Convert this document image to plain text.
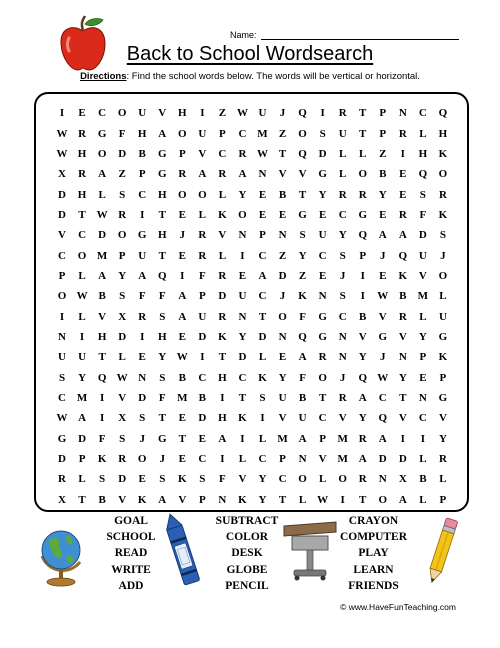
Name:
Back to School Wordsearch
Directions: Find the school words below. The words will be vertical or horizontal.
I	E	C	O	U	V	H	I	Z W U	J	Q	I	R	T	P	N	C	Q
W R	G	F	H	A	O	U	P	C M	Z	O	S	U	T	P	R	L	H
W H	O	D	B	G	P	V	C	R W T	Q	D	L	L	Z	I	H	K
X	R	A	Z	P	G	R	A	R	A	N	V	V	G	L	O	B	E	Q	O
D	H	L	S	C	H	O	O	L	Y	E	B	T	Y	R	R	Y	E	S	R
D	T W R	I	T	E	L	K	O	E	E	G	E	C	G	E	R	F	K
V	C	D	O	G	H	J	R	V	N	P	N	S	U	Y	Q	A	A	D	S
C	O M	P	U	T	E	R	L	I	C	Z	Y	C	S	P	J	Q	U	J
P	L	A	Y	A	Q	I	F	R	E	A	D	Z	E	J	I	E	K	V	O
O W B	S	F	F	A	P	D	U	C	J	K	N	S	I	W B	M	L
I	L	V	X	R	S	A	U	R	N	T	O	F	G	C	B	V	R	L	U
N	I	H	D	I	H	E	D	K	Y	D	N	Q	G	N	V	G	V	Y	G
U	U	T	L	E	Y W	I	T	D	L	E	A	R	N	Y	J	N	P	K
S	Y	Q W N	S	B	C	H	C	K	Y	F	O	J	Q W Y	E	P
C M	I	V	D	F	M	B	I	T	S	U	B	T	R	A	C	T	N	G
W A	I	X	S	T	E	D	H	K	I	V	U	C	V	Y	Q	V	C	V
G	D	F	S	J	G	T	E	A	I	L	M A	P	M R	A	I	I	Y
D	P	K	R	O	J	E	C	I	L	C	P	N	V M A	D	D	L	R
R	L	S	D	E	S	K	S	F	V	Y	C	O	L	O	R	N	X	B	L
X	T	B	V	K	A	V	P	N	K	Y	T	L W	I	T	O	A	L	P
GOAL
SCHOOL
READ
WRITE
ADD
SUBTRACT
COLOR
DESK
GLOBE
PENCIL
CRAYON
COMPUTER
PLAY
LEARN
FRIENDS
© www.HaveFunTeaching.com
